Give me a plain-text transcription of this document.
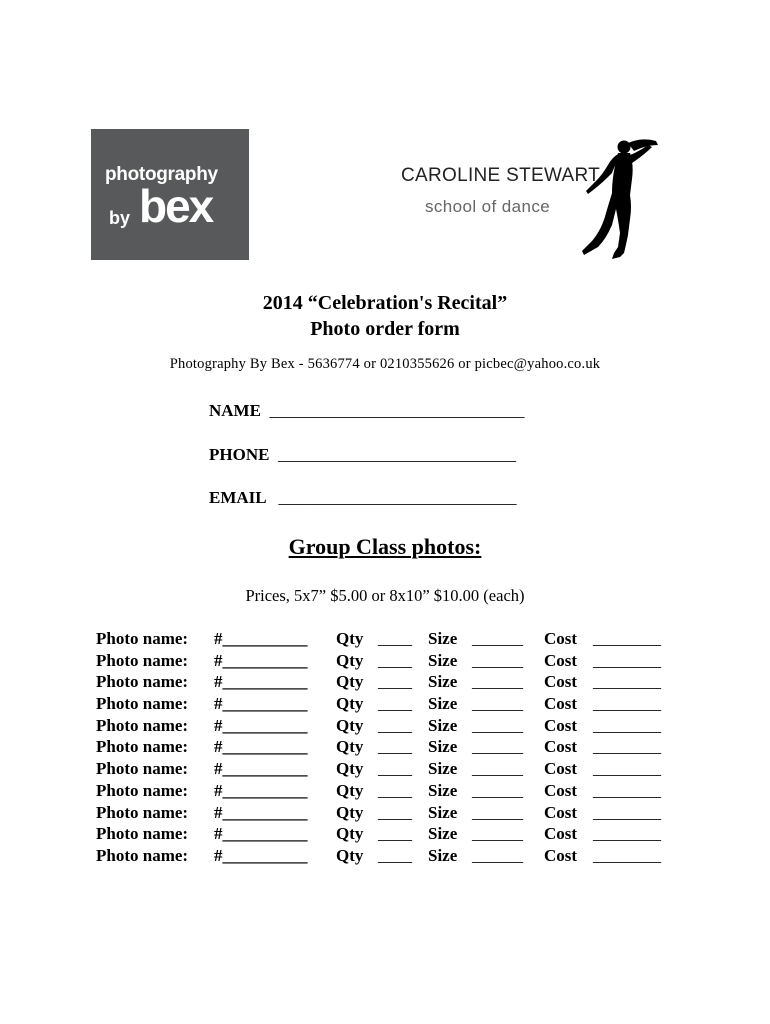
photography
by bex
CAROLINE STEWART
school of dance
2014 “Celebration's Recital”
Photo order form
Photography By Bex - 5636774 or 0210355626 or picbec@yahoo.co.uk
NAME ______________________________
PHONE ____________________________
EMAIL ____________________________
Group Class photos:
Prices, 5x7” $5.00 or 8x10” $10.00 (each)
Photo name: #__________ Qty ____ Size ______ Cost ________
Photo name: #__________ Qty ____ Size ______ Cost ________
Photo name: #__________ Qty ____ Size ______ Cost ________
Photo name: #__________ Qty ____ Size ______ Cost ________
Photo name: #__________ Qty ____ Size ______ Cost ________
Photo name: #__________ Qty ____ Size ______ Cost ________
Photo name: #__________ Qty ____ Size ______ Cost ________
Photo name: #__________ Qty ____ Size ______ Cost ________
Photo name: #__________ Qty ____ Size ______ Cost ________
Photo name: #__________ Qty ____ Size ______ Cost ________
Photo name: #__________ Qty ____ Size ______ Cost ________
